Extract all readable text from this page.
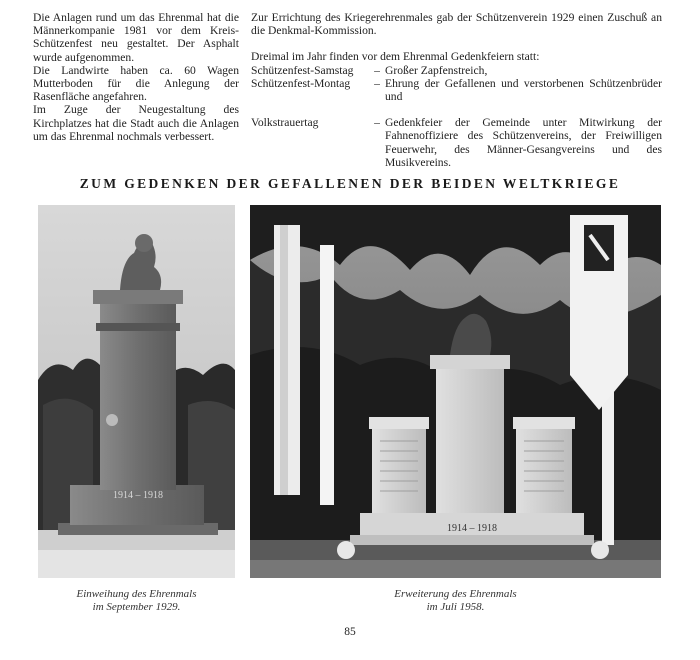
Die Anlagen rund um das Ehrenmal hat die Männerkompanie 1981 vor dem Kreis-Schützenfest neu gestaltet. Der Asphalt wurde aufgenommen.

Die Landwirte haben ca. 60 Wagen Mutterboden für die Anlegung der Rasenfläche angefahren.

Im Zuge der Neugestaltung des Kirchplatzes hat die Stadt auch die Anlagen um das Ehrenmal nochmals verbessert.

Zur Errichtung des Kriegerehrenmales gab der Schützenverein 1929 einen Zuschuß an die Denkmal-Kommission.

Dreimal im Jahr finden vor dem Ehrenmal Gedenkfeiern statt:

Schützenfest-Samstag	– Großer Zapfenstreich,
Schützenfest-Montag	– Ehrung der Gefallenen und verstorbenen Schützenbrüder und
Volkstrauertag	– Gedenkfeier der Gemeinde unter Mitwirkung der Fahnenoffiziere des Schützenvereins, der Freiwilligen Feuerwehr, des Männer-Gesangvereins und des Musikvereins.
ZUM GEDENKEN DER GEFALLENEN DER BEIDEN WELTKRIEGE
1914 – 1918
1914 – 1918
Einweihung des Ehrenmals
im September 1929.
Erweiterung des Ehrenmals
im Juli 1958.
85
